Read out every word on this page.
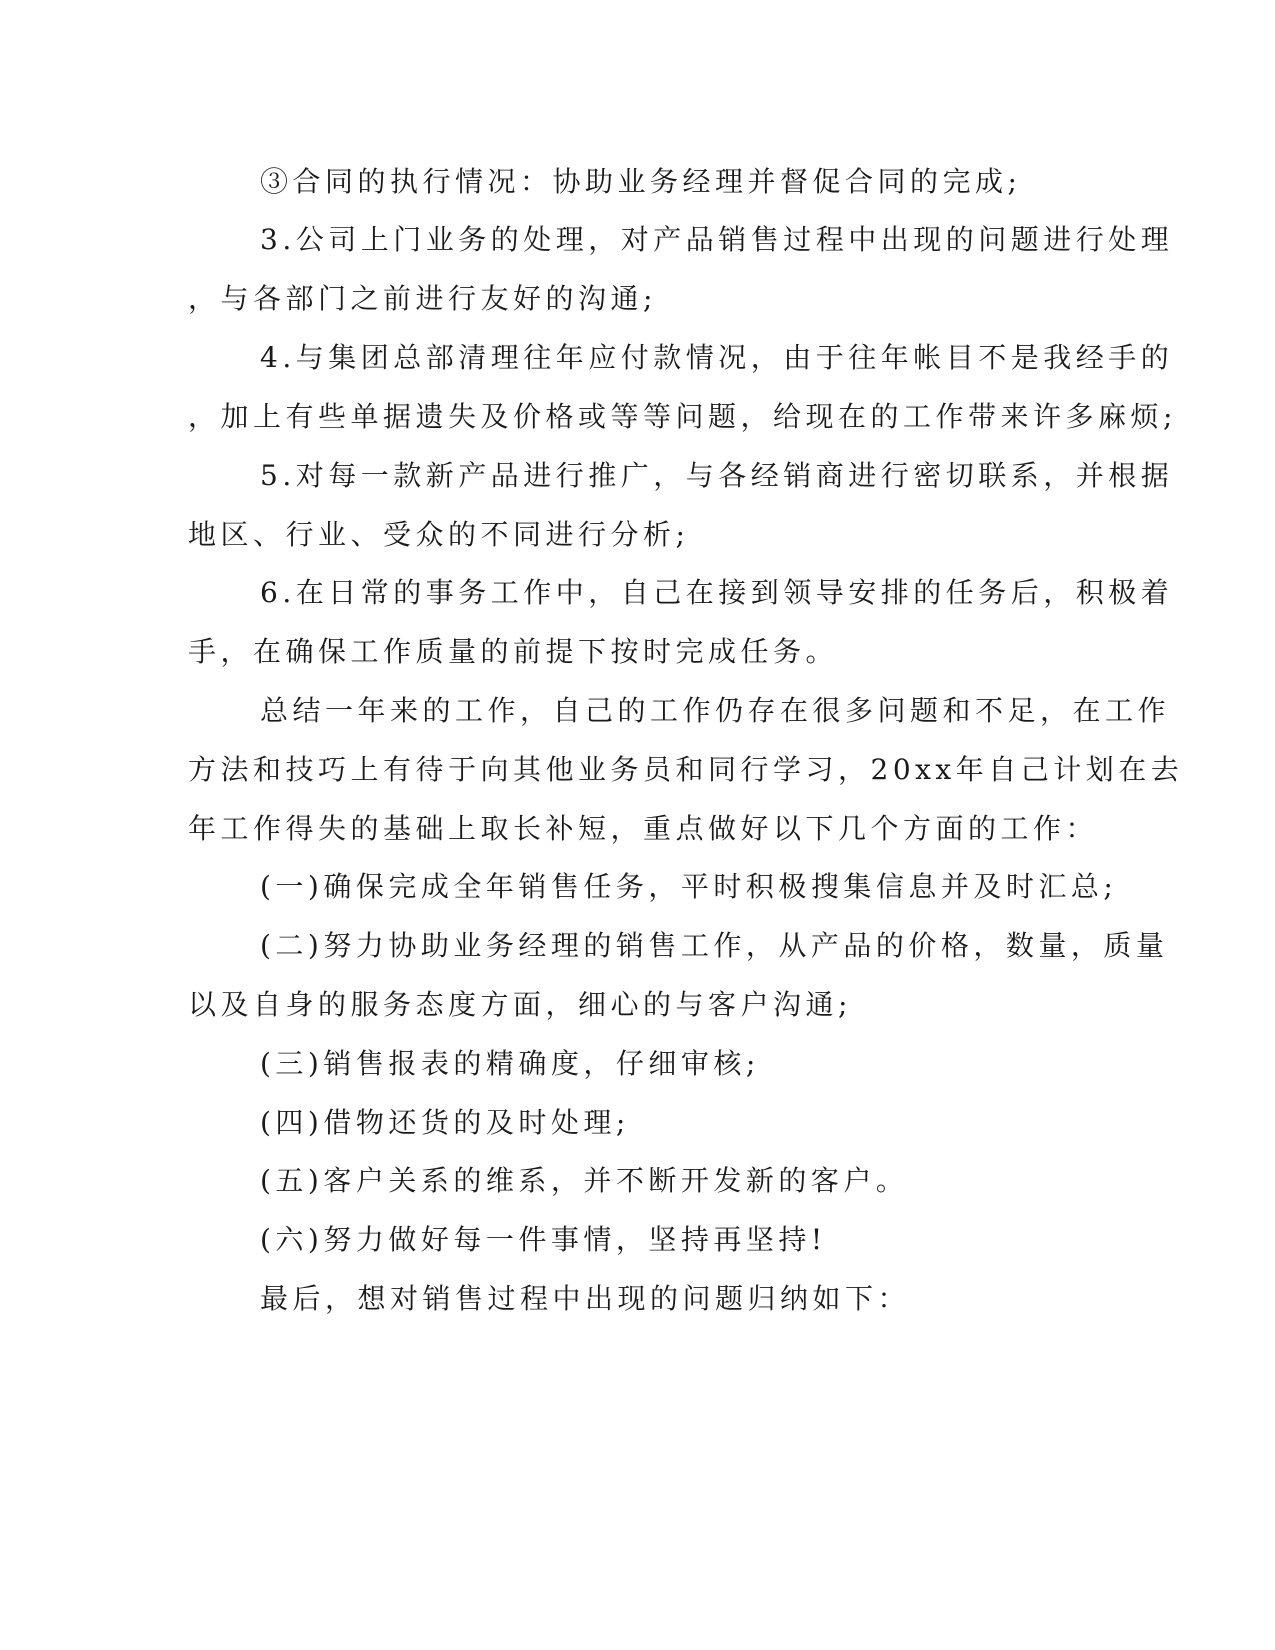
③合同的执行情况：协助业务经理并督促合同的完成;
3.公司上门业务的处理，对产品销售过程中出现的问题进行处理
，与各部门之前进行友好的沟通;
4.与集团总部清理往年应付款情况，由于往年帐目不是我经手的
，加上有些单据遗失及价格或等等问题，给现在的工作带来许多麻烦;
5.对每一款新产品进行推广，与各经销商进行密切联系，并根据
地区、行业、受众的不同进行分析;
6.在日常的事务工作中，自己在接到领导安排的任务后，积极着
手，在确保工作质量的前提下按时完成任务。
总结一年来的工作，自己的工作仍存在很多问题和不足，在工作
方法和技巧上有待于向其他业务员和同行学习，20xx年自己计划在去
年工作得失的基础上取长补短，重点做好以下几个方面的工作：
(一)确保完成全年销售任务，平时积极搜集信息并及时汇总;
(二)努力协助业务经理的销售工作，从产品的价格，数量，质量
以及自身的服务态度方面，细心的与客户沟通;
(三)销售报表的精确度，仔细审核;
(四)借物还货的及时处理;
(五)客户关系的维系，并不断开发新的客户。
(六)努力做好每一件事情，坚持再坚持!
最后，想对销售过程中出现的问题归纳如下：
